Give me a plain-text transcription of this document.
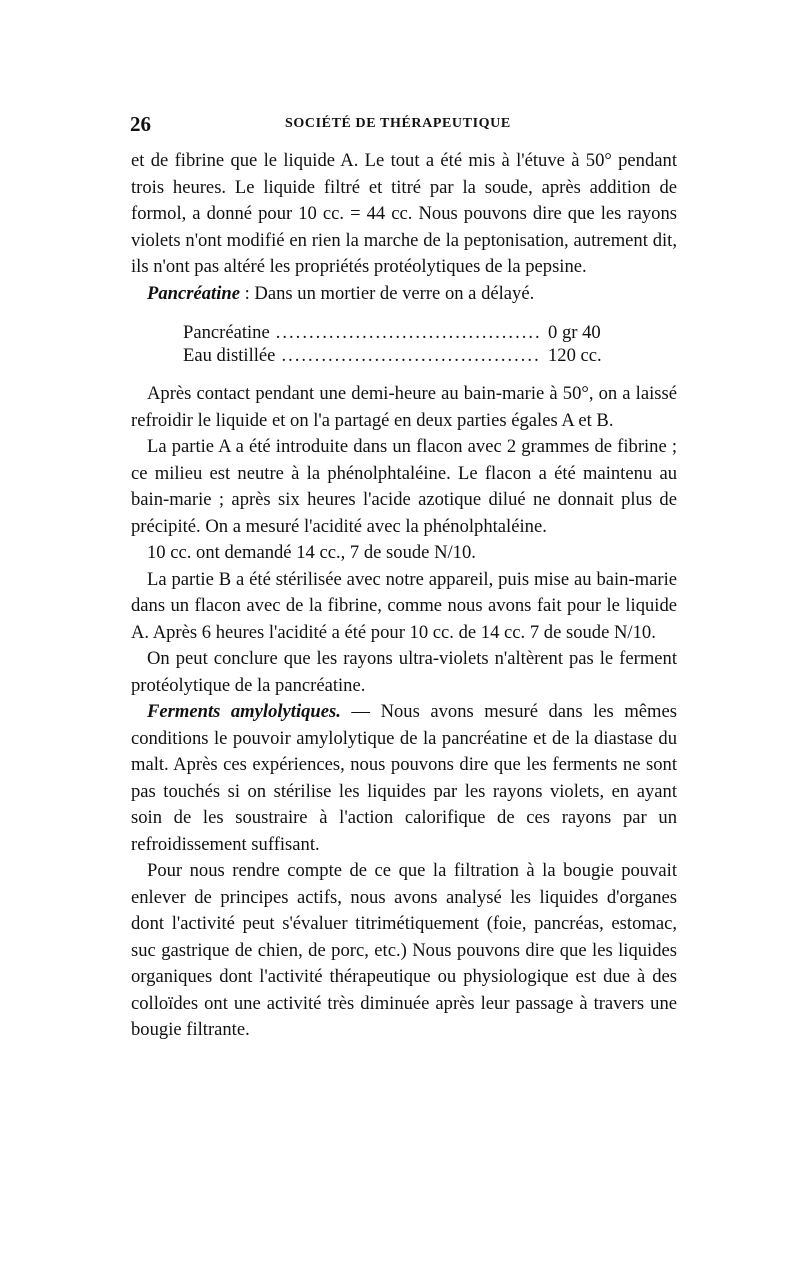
26	SOCIÉTÉ DE THÉRAPEUTIQUE

et de fibrine que le liquide A. Le tout a été mis à l'étuve à 50° pendant trois heures. Le liquide filtré et titré par la soude, après addition de formol, a donné pour 10 cc. = 44 cc. Nous pouvons dire que les rayons violets n'ont modifié en rien la marche de la peptonisation, autrement dit, ils n'ont pas altéré les propriétés protéolytiques de la pepsine.

Pancréatine : Dans un mortier de verre on a délayé.

Pancréatine .....	0 gr 40
Eau distillée .....	120 cc.

Après contact pendant une demi-heure au bain-marie à 50°, on a laissé refroidir le liquide et on l'a partagé en deux parties égales A et B.

La partie A a été introduite dans un flacon avec 2 grammes de fibrine ; ce milieu est neutre à la phénolphtaléine. Le flacon a été maintenu au bain-marie ; après six heures l'acide azotique dilué ne donnait plus de précipité. On a mesuré l'acidité avec la phénolphtaléine.

10 cc. ont demandé 14 cc., 7 de soude N/10.

La partie B a été stérilisée avec notre appareil, puis mise au bain-marie dans un flacon avec de la fibrine, comme nous avons fait pour le liquide A. Après 6 heures l'acidité a été pour 10 cc. de 14 cc. 7 de soude N/10.

On peut conclure que les rayons ultra-violets n'altèrent pas le ferment protéolytique de la pancréatine.

Ferments amylolytiques. — Nous avons mesuré dans les mêmes conditions le pouvoir amylolytique de la pancréatine et de la diastase du malt. Après ces expériences, nous pouvons dire que les ferments ne sont pas touchés si on stérilise les liquides par les rayons violets, en ayant soin de les soustraire à l'action calorifique de ces rayons par un refroidissement suffisant.

Pour nous rendre compte de ce que la filtration à la bougie pouvait enlever de principes actifs, nous avons analysé les liquides d'organes dont l'activité peut s'évaluer titrimétiquement (foie, pancréas, estomac, suc gastrique de chien, de porc, etc.) Nous pouvons dire que les liquides organiques dont l'activité thérapeutique ou physiologique est due à des colloïdes ont une activité très diminuée après leur passage à travers une bougie filtrante.
